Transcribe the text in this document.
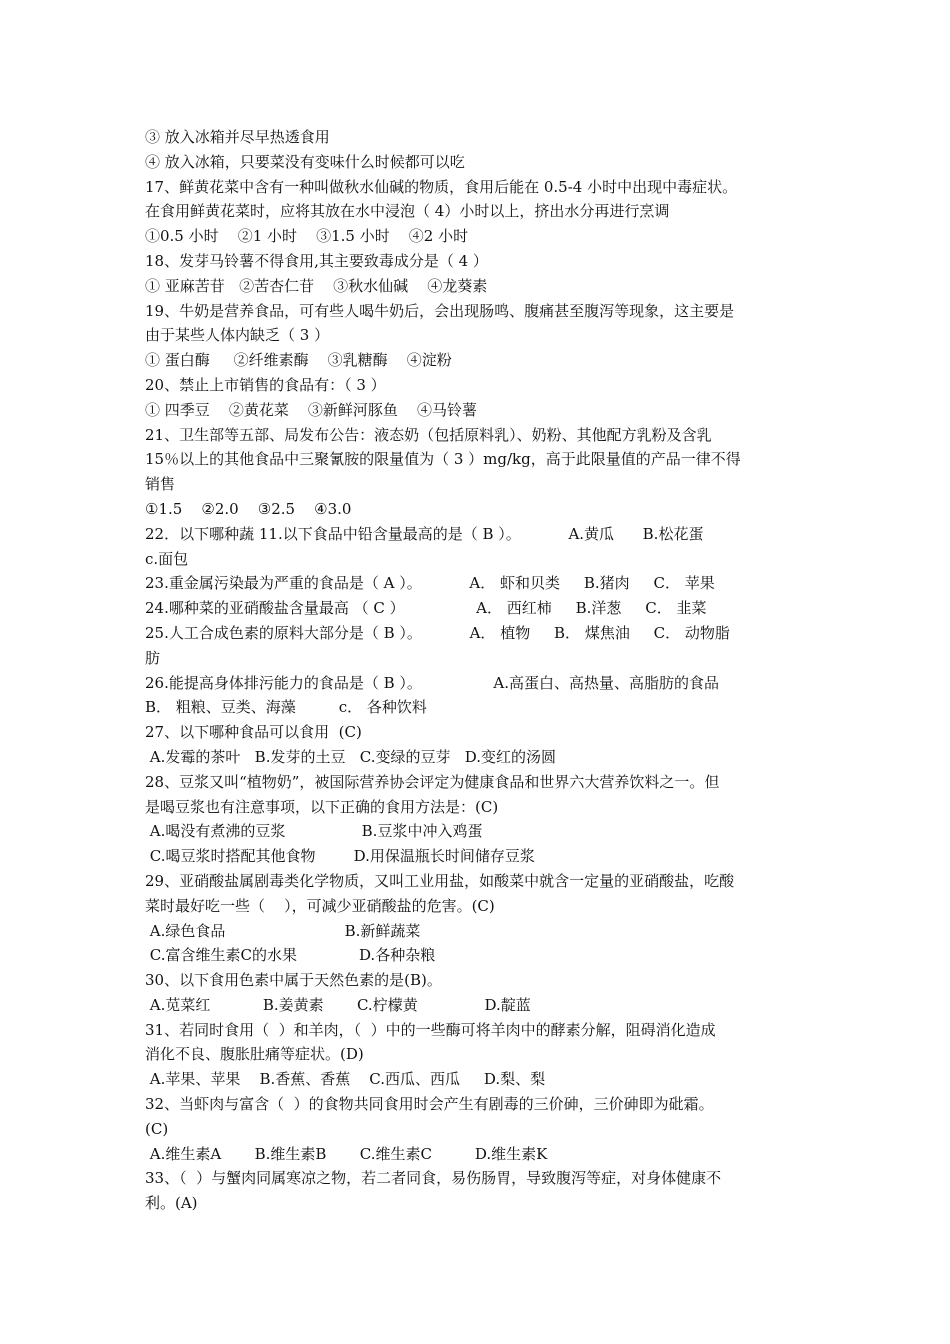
③ 放入冰箱并尽早热透食用
④ 放入冰箱，只要菜没有变味什么时候都可以吃
17、鲜黄花菜中含有一种叫做秋水仙碱的物质，食用后能在 0.5-4 小时中出现中毒症状。
在食用鲜黄花菜时，应将其放在水中浸泡（ 4）小时以上，挤出水分再进行烹调
①0.5 小时    ②1 小时    ③1.5 小时    ④2 小时
18、发芽马铃薯不得食用,其主要致毒成分是（ 4 ）
① 亚麻苦苷   ②苦杏仁苷    ③秋水仙碱    ④龙葵素
19、牛奶是营养食品，可有些人喝牛奶后，会出现肠鸣、腹痛甚至腹泻等现象，这主要是
由于某些人体内缺乏（ 3 ）
① 蛋白酶     ②纤维素酶    ③乳糖酶    ④淀粉
20、禁止上市销售的食品有：（ 3 ）
① 四季豆    ②黄花菜    ③新鲜河豚鱼    ④马铃薯
21、卫生部等五部、局发布公告：液态奶（包括原料乳）、奶粉、其他配方乳粉及含乳
15％以上的其他食品中三聚氰胺的限量值为（ 3 ）mg/kg，高于此限量值的产品一律不得
销售
①1.5    ②2.0    ③2.5    ④3.0
22．以下哪种蔬 11.以下食品中铅含量最高的是（ B ）。          A.黄瓜      B.松花蛋
c.面包
23.重金属污染最为严重的食品是（ A ）。          A． 虾和贝类     B.猪肉     C． 苹果
24.哪种菜的亚硝酸盐含量最高 （ C ）               A． 西红柿     B.洋葱     C． 韭菜
25.人工合成色素的原料大部分是（ B ）。          A． 植物     B． 煤焦油     C． 动物脂
肪
26.能提高身体排污能力的食品是（ B ）。               A.高蛋白、高热量、高脂肪的食品
B． 粗粮、豆类、海藻         c． 各种饮料
27、以下哪种食品可以食用  (C)
A.发霉的茶叶   B.发芽的土豆   C.变绿的豆芽   D.变红的汤圆
28、豆浆又叫“植物奶”，被国际营养协会评定为健康食品和世界六大营养饮料之一。但
是喝豆浆也有注意事项，以下正确的食用方法是：(C)
A.喝没有煮沸的豆浆                B.豆浆中冲入鸡蛋
C.喝豆浆时搭配其他食物        D.用保温瓶长时间储存豆浆
29、亚硝酸盐属剧毒类化学物质，又叫工业用盐，如酸菜中就含一定量的亚硝酸盐，吃酸
菜时最好吃一些（    ），可减少亚硝酸盐的危害。(C)
A.绿色食品                         B.新鲜蔬菜
C.富含维生素C的水果             D.各种杂粮
30、以下食用色素中属于天然色素的是(B)。
A.苋菜红           B.姜黄素       C.柠檬黄              D.靛蓝
31、若同时食用（  ）和羊肉，（  ）中的一些酶可将羊肉中的酵素分解，阻碍消化造成
消化不良、腹胀肚痛等症状。(D)
A.苹果、苹果    B.香蕉、香蕉    C.西瓜、西瓜     D.梨、梨
32、当虾肉与富含（  ）的食物共同食用时会产生有剧毒的三价砷，三价砷即为砒霜。
(C)
A.维生素A       B.维生素B       C.维生素C         D.维生素K
33、（  ）与蟹肉同属寒凉之物，若二者同食，易伤肠胃，导致腹泻等症，对身体健康不
利。(A)
